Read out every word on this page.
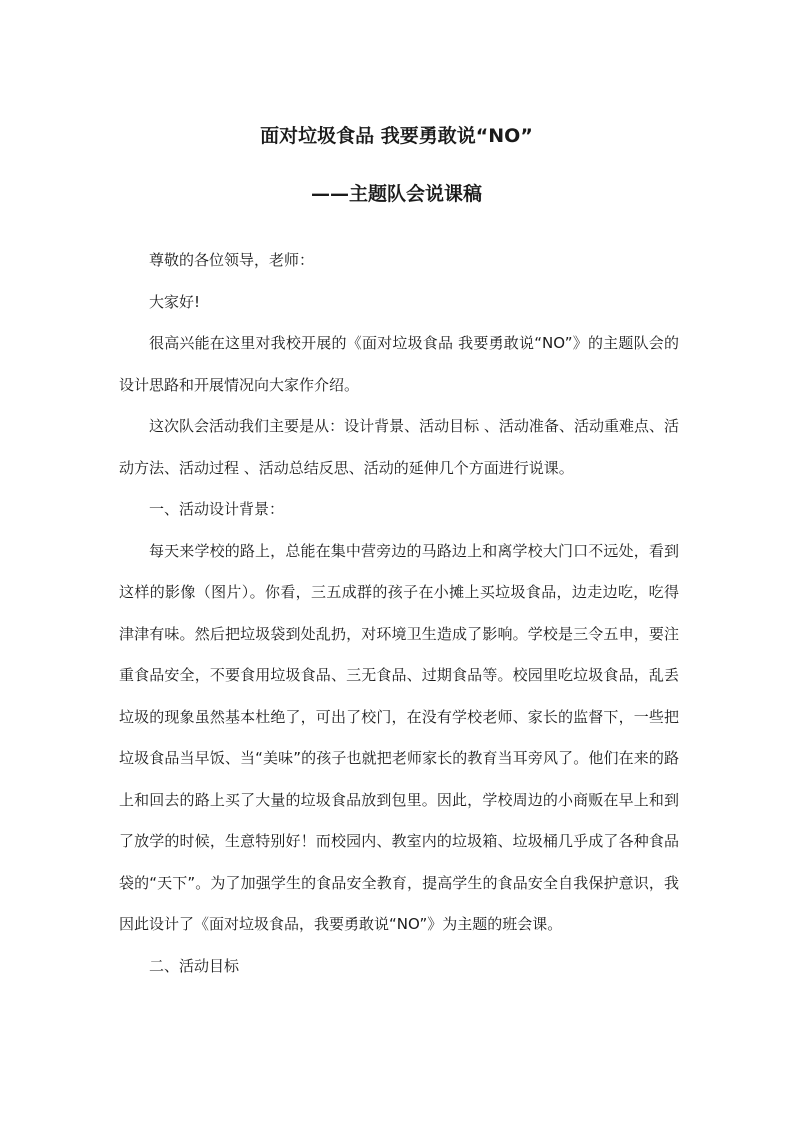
面对垃圾食品 我要勇敢说“NO”
——主题队会说课稿

尊敬的各位领导，老师：

大家好!

很高兴能在这里对我校开展的《面对垃圾食品 我要勇敢说“NO”》的主题队会的设计思路和开展情况向大家作介绍。

这次队会活动我们主要是从：设计背景、活动目标 、活动准备、活动重难点、活动方法、活动过程 、活动总结反思、活动的延伸几个方面进行说课。

一、活动设计背景：

每天来学校的路上，总能在集中营旁边的马路边上和离学校大门口不远处，看到这样的影像（图片）。你看，三五成群的孩子在小摊上买垃圾食品，边走边吃，吃得津津有味。然后把垃圾袋到处乱扔，对环境卫生造成了影响。学校是三令五申，要注重食品安全，不要食用垃圾食品、三无食品、过期食品等。校园里吃垃圾食品，乱丢垃圾的现象虽然基本杜绝了，可出了校门，在没有学校老师、家长的监督下，一些把垃圾食品当早饭、当“美味”的孩子也就把老师家长的教育当耳旁风了。他们在来的路上和回去的路上买了大量的垃圾食品放到包里。因此，学校周边的小商贩在早上和到了放学的时候，生意特别好！而校园内、教室内的垃圾箱、垃圾桶几乎成了各种食品袋的“天下”。为了加强学生的食品安全教育，提高学生的食品安全自我保护意识，我因此设计了《面对垃圾食品，我要勇敢说“NO”》为主题的班会课。

二、活动目标
